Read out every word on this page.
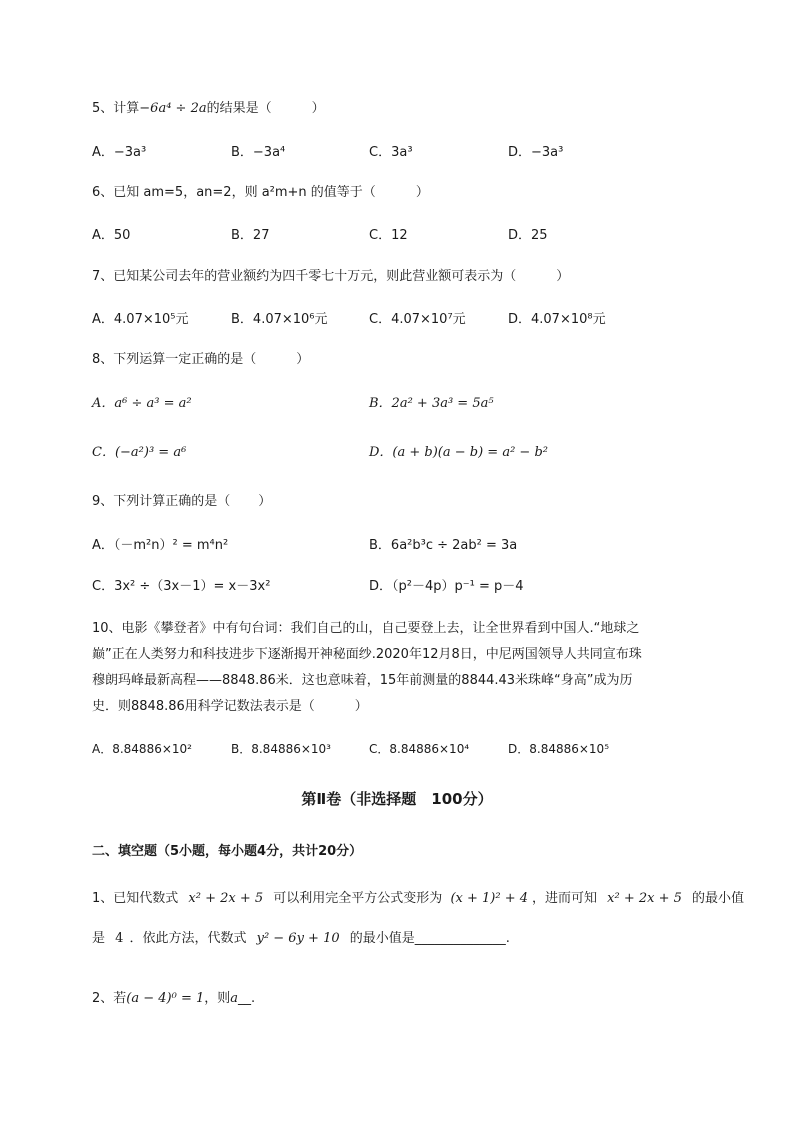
5、计算−6a⁴ ÷ 2a的结果是（	）
A．−3a³	B．−3a⁴	C．3a³	D．−3a³
6、已知 am=5，an=2，则 a²m+n 的值等于（	）
A．50	B．27	C．12	D．25
7、已知某公司去年的营业额约为四千零七十万元，则此营业额可表示为（	）
A．4.07×10⁵元	B．4.07×10⁶元	C．4.07×10⁷元	D．4.07×10⁸元
8、下列运算一定正确的是（	）
A．a⁶ ÷ a³ = a²	B．2a² + 3a³ = 5a⁵
C．(−a²)³ = a⁶	D．(a + b)(a − b) = a² − b²
9、下列计算正确的是（ ）
A．（－m²n）² = m⁴n²	B．6a²b³c ÷ 2ab² = 3a
C．3x² ÷（3x－1）= x－3x²	D．（p²－4p）p⁻¹ = p－4
10、电影《攀登者》中有句台词：我们自己的山，自己要登上去，让全世界看到中国人.“地球之
巅”正在人类努力和科技进步下逐渐揭开神秘面纱.2020年12月8日，中尼两国领导人共同宣布珠
穆朗玛峰最新高程——8848.86米．这也意味着，15年前测量的8844.43米珠峰“身高”成为历
史．则8848.86用科学记数法表示是（	）
A．8.84886×10²	B．8.84886×10³	C．8.84886×10⁴	D．8.84886×10⁵
第Ⅱ卷（非选择题　100分）
二、填空题（5小题，每小题4分，共计20分）
1、已知代数式 x² + 2x + 5 可以利用完全平方公式变形为 (x + 1)² + 4 ，进而可知 x² + 2x + 5 的最小值
是 4 ．依此方法，代数式 y² − 6y + 10 的最小值是______________.
2、若(a − 4)⁰ = 1，则a__.
